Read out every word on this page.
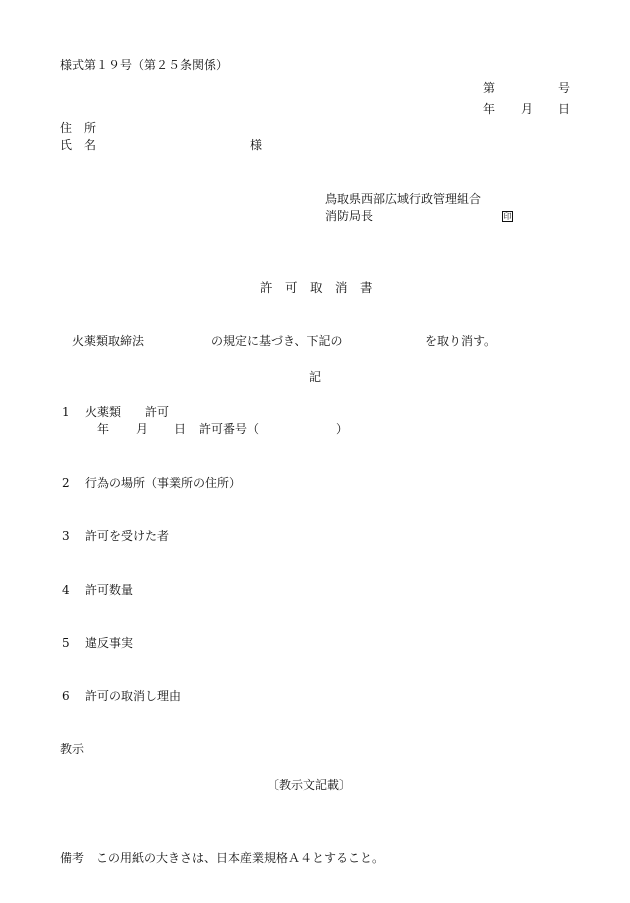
様式第１９号（第２５条関係）
第	号
年 月 日
住　所
氏　名	様
鳥取県西部広域行政管理組合
消防局長	印
許　可　取　消　書
火薬類取締法	の規定に基づき、下記の	を取り消す。
記
1 火薬類　　許可
年 月 日 許可番号（	）
2 行為の場所（事業所の住所）
3 許可を受けた者
4 許可数量
5 違反事実
6 許可の取消し理由
教示
〔教示文記載〕
備考　この用紙の大きさは、日本産業規格Ａ４とすること。
